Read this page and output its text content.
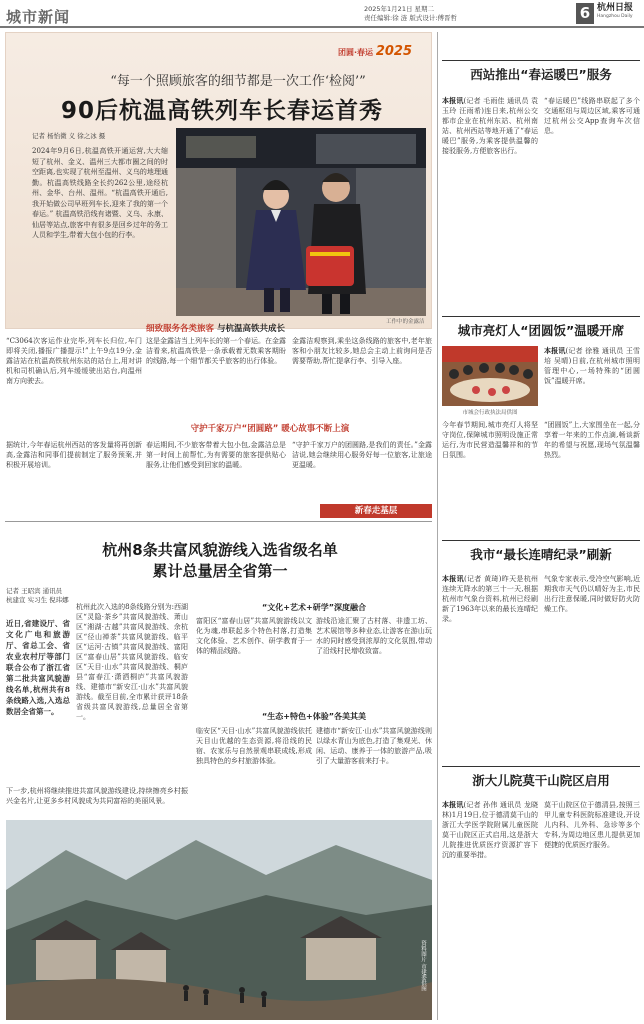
城市新闻	2025年1月21日 星期二
责任编辑:徐 涟 版式设计:傅晋哲	6 杭州日报
Hangzhou Daily
团圆·春运 2025
“每一个照顾旅客的细节都是一次工作‘检阅’”
90后杭温高铁列车长春运首秀
记者 杨怡微 义 徐之冰 摄
2024年9月6日,杭温高铁开通运营,大大缩短了杭州、金义、温州三大都市圈之间的时空距离,也实现了杭州至温州、义乌的地理通勤。杭温高铁线路全长约262公里,途经杭州、金华、台州、温州。“杭温高铁开通后,我开始做公司早班列车长,迎来了我的第一个春运。” 杭温高铁沿线有诸暨、义乌、永康、仙居等站点,旅客中有很多是回乡过年的务工人员和学生,带着大包小包的行李。
工作中的金露洁
“C3064次客运作业完毕,列车长归位,车门即将关闭,播报广播提示!”上午9点19分,金露洁站在杭温高铁杭州东站的站台上,用对讲机和司机确认后,列车缓缓驶出站台,向温州南方向驶去。
细致服务各类旅客 与杭温高铁共成长
这是金露洁当上列车长的第一个春运。在金露洁看来,杭温高铁是一条承载着无数乘客期盼的线路,每一个细节都关乎旅客的出行体验。
金露洁观察到,乘坐这条线路的旅客中,老年旅客和小朋友比较多,她总会主动上前询问是否需要帮助,帮忙提拿行李、引导入座。
守护千家万户“团圆路” 暖心故事不断上演
据统计,今年春运杭州西站的客发量将再创新高,金露洁和同事们提前制定了服务预案,并积极开展培训。
春运期间,不少旅客带着大包小包,金露洁总是第一时间上前帮忙,为有需要的旅客提供贴心服务,让他们感受到回家的温暖。
“守护千家万户的团圆路,是我们的责任。”金露洁说,她会继续用心服务好每一位旅客,让旅途更温暖。
新春走基层
杭州8条共富风貌游线入选省级名单
累计总量居全省第一
记者 王昭宾 通讯员 杭建宣 实习生 倪玮娜
近日,省建设厅、省文化广电和旅游厅、省总工会、省农业农村厅等部门联合公布了浙江省第二批共富风貌游线名单,杭州共有8条线路入选,入选总数居全省第一。
杭州此次入选的8条线路分别为:西湖区“灵隐·茶乡”共富风貌游线、萧山区“湘湖·古越”共富风貌游线、余杭区“径山禅茶”共富风貌游线、临平区“运河·古镇”共富风貌游线、富阳区“富春山居”共富风貌游线、临安区“天目·山水”共富风貌游线、桐庐县“富春江·潇洒桐庐”共富风貌游线、建德市“新安江·山水”共富风貌游线。截至目前,全市累计获评18条省级共富风貌游线,总量居全省第一。
“文化+艺术+研学”深度融合
富阳区“富春山居”共富风貌游线以文化为魂,串联起多个特色村落,打造集文化体验、艺术创作、研学教育于一体的精品线路。
游线沿途汇聚了古村落、非遗工坊、艺术展馆等多种业态,让游客在游山玩水的同时感受到浓厚的文化氛围,带动了沿线村民增收致富。
“生态+特色+体验”各美其美
临安区“天目·山水”共富风貌游线依托天目山优越的生态资源,将沿线的民宿、农家乐与自然景观串联成线,形成独具特色的乡村旅游体验。
建德市“新安江·山水”共富风貌游线则以绿水青山为底色,打造了集观光、休闲、运动、康养于一体的旅游产品,吸引了大量游客前来打卡。
下一步,杭州将继续推进共富风貌游线建设,持续擦亮乡村振兴金名片,让更多乡村风貌成为共同富裕的美丽风景。
资料图片 市建委供图
西站推出“春运暖巴”服务
本报讯(记者 毛雨佳 通讯员 袁玉玲 汪雨希)连日来,杭州公交都市企业在杭州东站、杭州南站、杭州西站等地开通了“春运暖巴”服务,为乘客提供温馨的接驳服务,方便旅客出行。
“春运暖巴”线路串联起了多个交通枢纽与周边区域,乘客可通过杭州公交App查询车次信息。
城市亮灯人“团圆饭”温暖开席
市城会行政执法局供图
本报讯(记者 徐雅 通讯员 王雪培 吴晴)日前,在杭州城市照明管理中心,一场特殊的“团圆饭”温暖开席。
今年春节期间,城市亮灯人将坚守岗位,保障城市照明设施正常运行,为市民营造温馨祥和的节日氛围。
“团圆饭”上,大家围坐在一起,分享着一年来的工作点滴,畅谈新年的希望与祝愿,现场气氛温馨热烈。
我市“最长连晴纪录”刷新
本报讯(记者 黄琦)昨天是杭州连续无降水的第三十一天,根据杭州市气象台资料,杭州已经刷新了1963年以来的最长连晴纪录。
气象专家表示,受冷空气影响,近期我市天气仍以晴好为主,市民出行注意保暖,同时做好防火防燥工作。
浙大儿院莫干山院区启用
本报讯(记者 孙伟 通讯员 龙晓林)1月19日,位于德清莫干山的浙江大学医学院附属儿童医院莫干山院区正式启用,这是浙大儿院推进优质医疗资源扩容下沉的重要举措。
莫干山院区位于德清县,按照三甲儿童专科医院标准建设,开设儿内科、儿外科、急诊等多个专科,为周边地区患儿提供更加便捷的优质医疗服务。
